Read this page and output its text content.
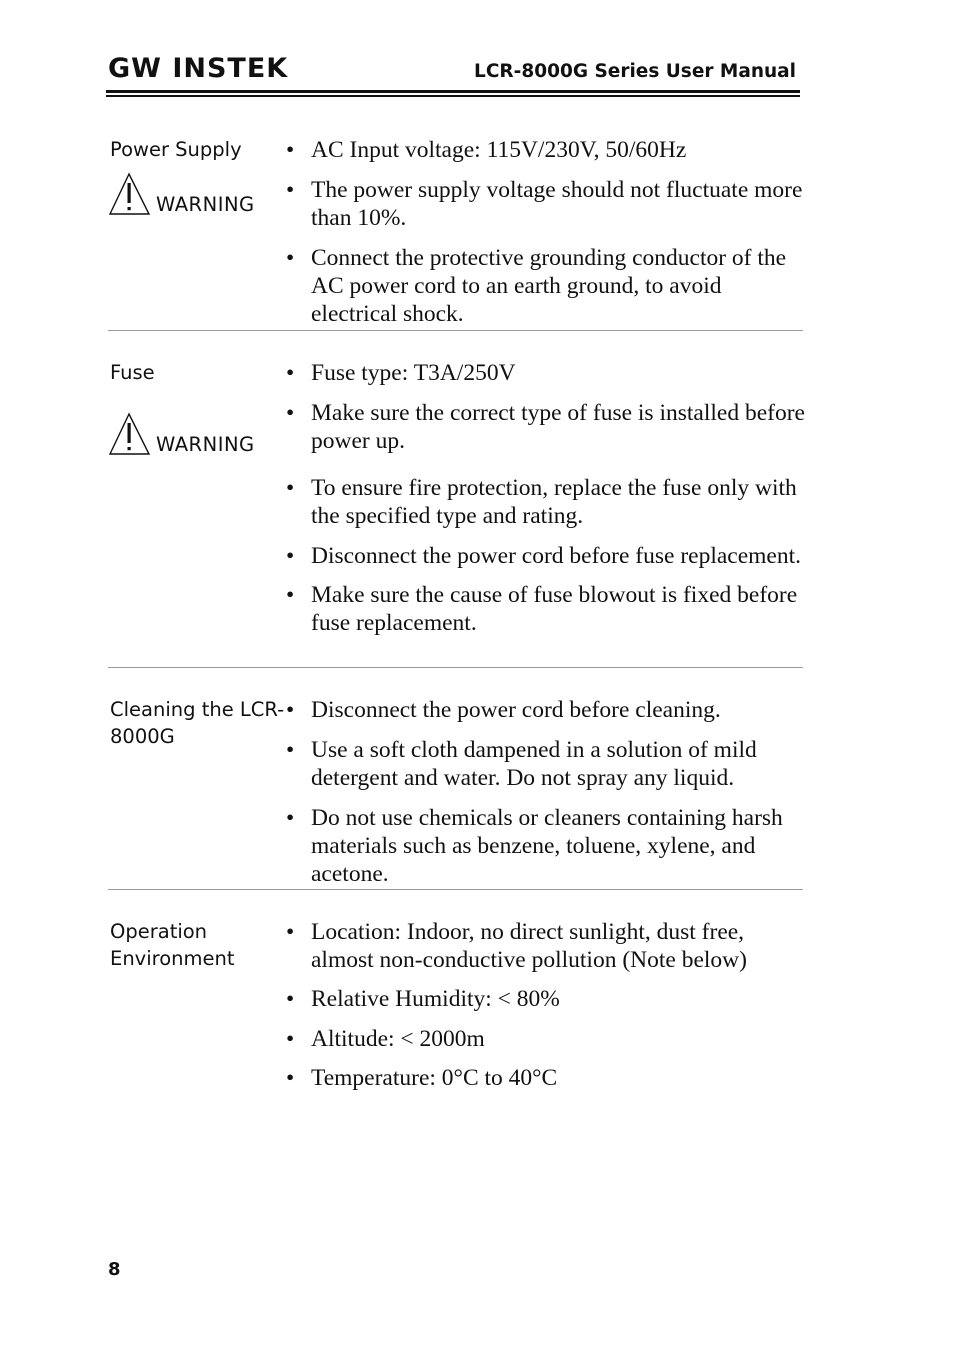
GW INSTEK	LCR-8000G Series User Manual
Power Supply
WARNING
• AC Input voltage: 115V/230V, 50/60Hz
• The power supply voltage should not fluctuate more than 10%.
• Connect the protective grounding conductor of the AC power cord to an earth ground, to avoid electrical shock.
Fuse
WARNING
• Fuse type: T3A/250V
• Make sure the correct type of fuse is installed before power up.
• To ensure fire protection, replace the fuse only with the specified type and rating.
• Disconnect the power cord before fuse replacement.
• Make sure the cause of fuse blowout is fixed before fuse replacement.
Cleaning the LCR-8000G
• Disconnect the power cord before cleaning.
• Use a soft cloth dampened in a solution of mild detergent and water. Do not spray any liquid.
• Do not use chemicals or cleaners containing harsh materials such as benzene, toluene, xylene, and acetone.
Operation Environment
• Location: Indoor, no direct sunlight, dust free, almost non-conductive pollution (Note below)
• Relative Humidity: < 80%
• Altitude: < 2000m
• Temperature: 0°C to 40°C
8
